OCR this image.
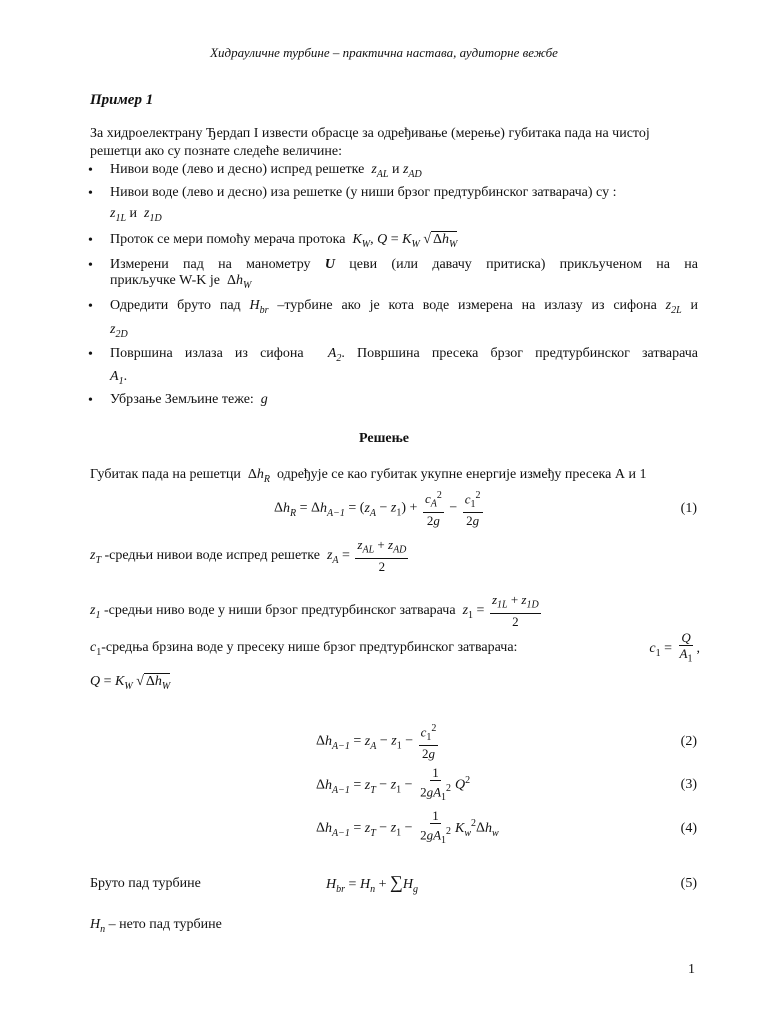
Хидрауличне турбине – практична настава, аудиторне вежбе
Пример 1
За хидроелектрану Ђердап I извести обрасце за одређивање (мерење) губитака пада на чистој
решетци ако су познате следеће величине:
• Нивои воде (лево и десно) испред решетке  $z_{AL}$ и $z_{AD}$
• Нивои воде (лево и десно) иза решетке (у ниши брзог предтурбинског затварача) су :
$z_{1L}$ и $z_{1D}$
• Проток се мери помоћу мерача протока $K_W$, $Q = K_W$ √ $\Delta h_W$
• Измерени пад на манометру U цеви (или давачу притиска) прикљученом на на
прикључке W-K је  $\Delta h_W$
• Одредити бруто пад $H_{br}$ –турбине ако је кота воде измерена на излазу из сифона $z_{2L}$ и
$z_{2D}$
• Површина излаза из сифона  $A_2$. Површина пресека брзог предтурбинског затварача
$A_1$.
• Убрзање Земљине теже:  g
Решење
Губитак пада на решетци  $\Delta h_R$ одређује се као губитак укупне енергије између пресека А и 1
$\Delta h_R = \Delta h_{A-1} = (z_A - z_1) + \frac{c_A^2}{2g} - \frac{c_1^2}{2g}$	(1)
$z_T$ -средњи нивои воде испред решетке $z_A = \frac{z_{AL} + z_{AD}}{2}$
$z_1$ -средњи ниво воде у ниши брзог предтурбинског затварача $z_1 = \frac{z_{1L} + z_{1D}}{2}$
$c_1$-средња брзина воде у пресеку нише брзог предтурбинског затварача:	$c_1 = \frac{Q}{A_1}$ ,
$Q = K_W$ √ $\Delta h_W$
$\Delta h_{A-1} = z_A - z_1 - \frac{c_1^2}{2g}$	(2)
$\Delta h_{A-1} = z_T - z_1 - \frac{1}{2gA_1^2} Q^2$	(3)
$\Delta h_{A-1} = z_T - z_1 - \frac{1}{2gA_1^2} K_w^2\Delta h_w$	(4)
Бруто пад турбине	$H_{br} = H_n + \sum H_g$	(5)
$H_n$ – нето пад турбине
1
